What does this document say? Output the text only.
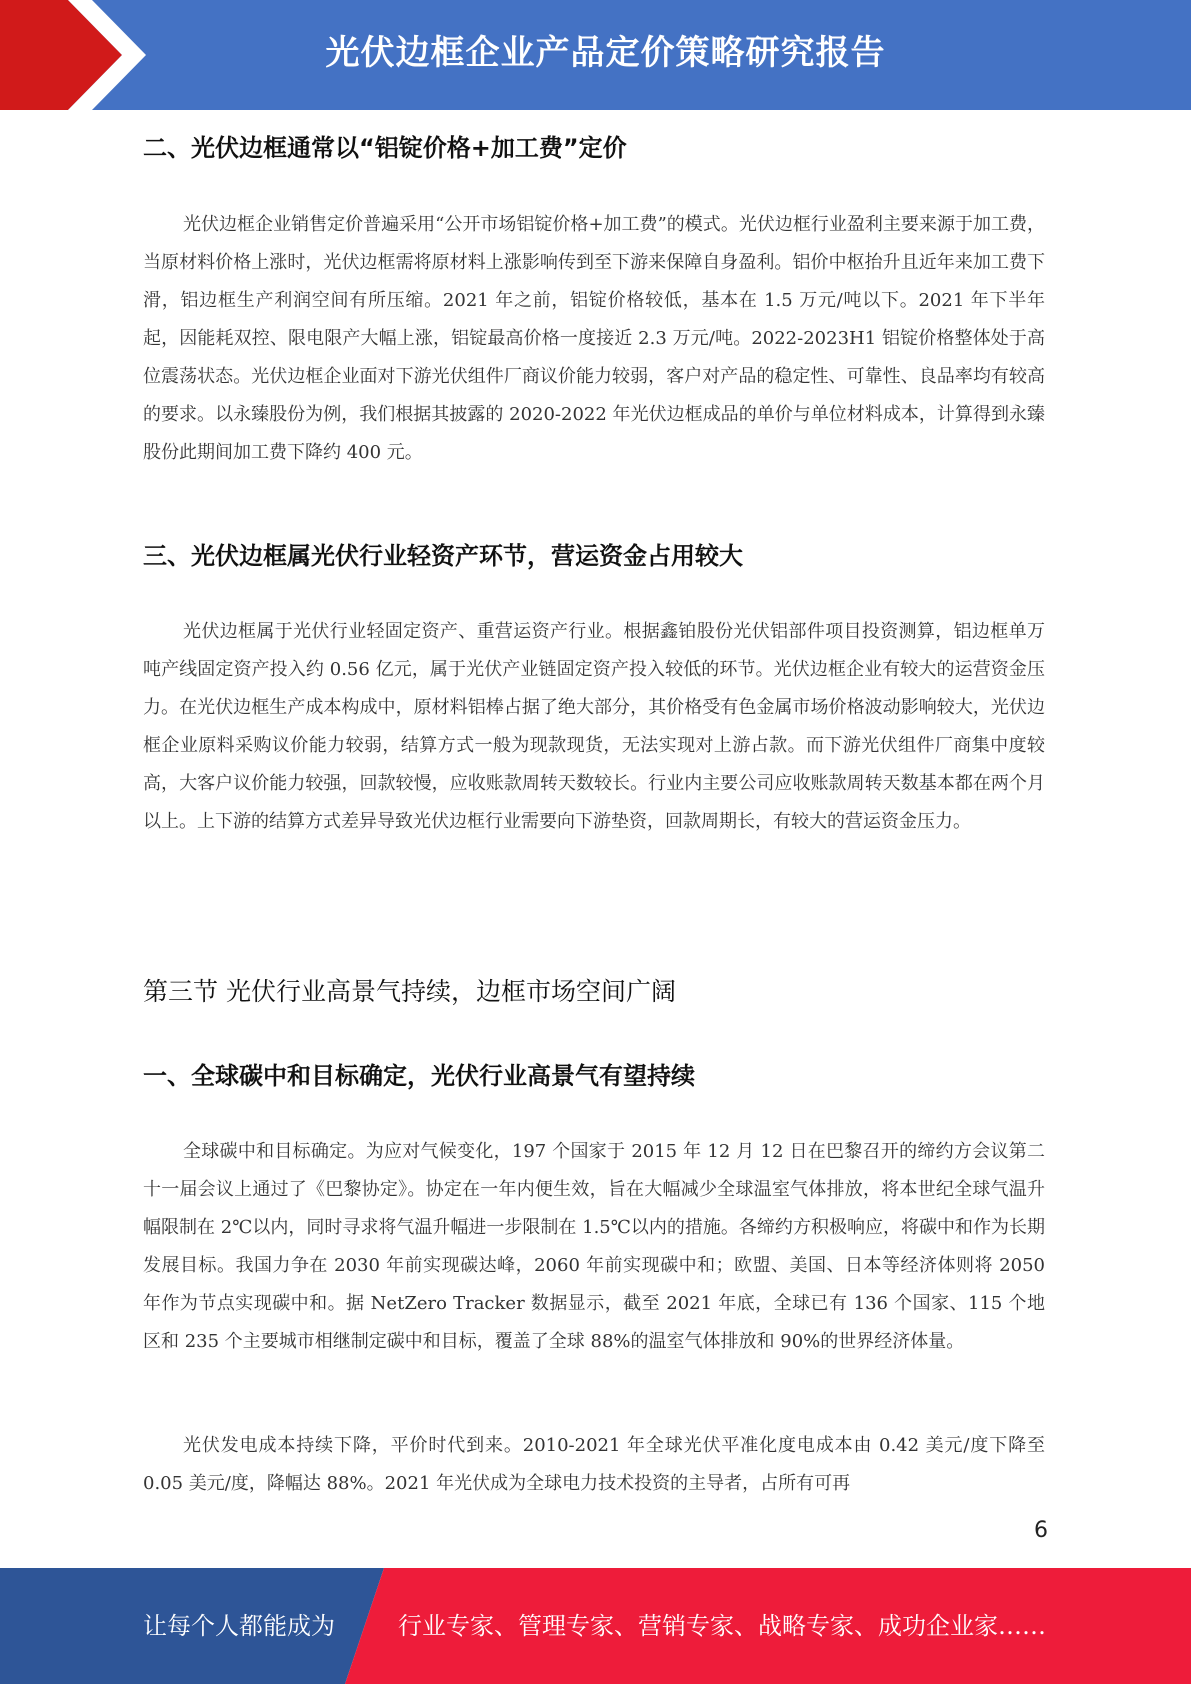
光伏边框企业产品定价策略研究报告
二、光伏边框通常以“铝锭价格+加工费”定价

光伏边框企业销售定价普遍采用“公开市场铝锭价格+加工费”的模式。光伏边框行业盈利主要来源于加工费，当原材料价格上涨时，光伏边框需将原材料上涨影响传到至下游来保障自身盈利。铝价中枢抬升且近年来加工费下滑，铝边框生产利润空间有所压缩。2021 年之前，铝锭价格较低，基本在 1.5 万元/吨以下。2021 年下半年起，因能耗双控、限电限产大幅上涨，铝锭最高价格一度接近 2.3 万元/吨。2022-2023H1 铝锭价格整体处于高位震荡状态。光伏边框企业面对下游光伏组件厂商议价能力较弱，客户对产品的稳定性、可靠性、良品率均有较高的要求。以永臻股份为例，我们根据其披露的 2020-2022 年光伏边框成品的单价与单位材料成本，计算得到永臻股份此期间加工费下降约 400 元。

三、光伏边框属光伏行业轻资产环节，营运资金占用较大

光伏边框属于光伏行业轻固定资产、重营运资产行业。根据鑫铂股份光伏铝部件项目投资测算，铝边框单万吨产线固定资产投入约 0.56 亿元，属于光伏产业链固定资产投入较低的环节。光伏边框企业有较大的运营资金压力。在光伏边框生产成本构成中，原材料铝棒占据了绝大部分，其价格受有色金属市场价格波动影响较大，光伏边框企业原料采购议价能力较弱，结算方式一般为现款现货，无法实现对上游占款。而下游光伏组件厂商集中度较高，大客户议价能力较强，回款较慢，应收账款周转天数较长。行业内主要公司应收账款周转天数基本都在两个月以上。上下游的结算方式差异导致光伏边框行业需要向下游垫资，回款周期长，有较大的营运资金压力。

第三节 光伏行业高景气持续，边框市场空间广阔
一、全球碳中和目标确定，光伏行业高景气有望持续

全球碳中和目标确定。为应对气候变化，197 个国家于 2015 年 12 月 12 日在巴黎召开的缔约方会议第二十一届会议上通过了《巴黎协定》。协定在一年内便生效，旨在大幅减少全球温室气体排放，将本世纪全球气温升幅限制在 2℃以内，同时寻求将气温升幅进一步限制在 1.5℃以内的措施。各缔约方积极响应，将碳中和作为长期发展目标。我国力争在 2030 年前实现碳达峰，2060 年前实现碳中和；欧盟、美国、日本等经济体则将 2050 年作为节点实现碳中和。据 NetZero Tracker 数据显示，截至 2021 年底，全球已有 136 个国家、115 个地区和 235 个主要城市相继制定碳中和目标，覆盖了全球 88%的温室气体排放和 90%的世界经济体量。

光伏发电成本持续下降，平价时代到来。2010-2021 年全球光伏平准化度电成本由 0.42 美元/度下降至 0.05 美元/度，降幅达 88%。2021 年光伏成为全球电力技术投资的主导者，占所有可再

6
让每个人都能成为	行业专家、管理专家、营销专家、战略专家、成功企业家……
